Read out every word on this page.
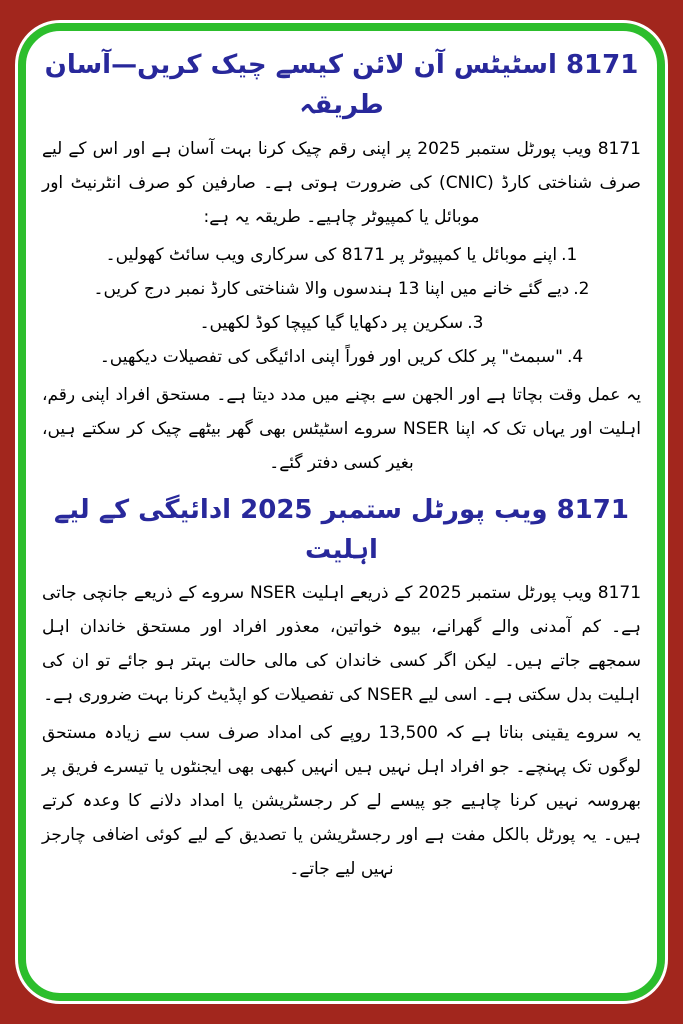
8171 اسٹیٹس آن لائن کیسے چیک کریں—آسان طریقہ
8171 ویب پورٹل ستمبر 2025 پر اپنی رقم چیک کرنا بہت آسان ہے اور اس کے لیے صرف شناختی کارڈ (CNIC) کی ضرورت ہوتی ہے۔ صارفین کو صرف انٹرنیٹ اور موبائل یا کمپیوٹر چاہیے۔ طریقہ یہ ہے:
1.اپنے موبائل یا کمپیوٹر پر 8171 کی سرکاری ویب سائٹ کھولیں۔
2.دیے گئے خانے میں اپنا 13 ہندسوں والا شناختی کارڈ نمبر درج کریں۔
3.سکرین پر دکھایا گیا کیپچا کوڈ لکھیں۔
4."سبمٹ" پر کلک کریں اور فوراً اپنی ادائیگی کی تفصیلات دیکھیں۔
یہ عمل وقت بچاتا ہے اور الجھن سے بچنے میں مدد دیتا ہے۔ مستحق افراد اپنی رقم، اہلیت اور یہاں تک کہ اپنا NSER سروے اسٹیٹس بھی گھر بیٹھے چیک کر سکتے ہیں، بغیر کسی دفتر گئے۔
8171 ویب پورٹل ستمبر 2025 ادائیگی کے لیے اہلیت
8171 ویب پورٹل ستمبر 2025 کے ذریعے اہلیت NSER سروے کے ذریعے جانچی جاتی ہے۔ کم آمدنی والے گھرانے، بیوہ خواتین، معذور افراد اور مستحق خاندان اہل سمجھے جاتے ہیں۔ لیکن اگر کسی خاندان کی مالی حالت بہتر ہو جائے تو ان کی اہلیت بدل سکتی ہے۔ اسی لیے NSER کی تفصیلات کو اپڈیٹ کرنا بہت ضروری ہے۔
یہ سروے یقینی بناتا ہے کہ 13,500 روپے کی امداد صرف سب سے زیادہ مستحق لوگوں تک پہنچے۔ جو افراد اہل نہیں ہیں انہیں کبھی بھی ایجنٹوں یا تیسرے فریق پر بھروسہ نہیں کرنا چاہیے جو پیسے لے کر رجسٹریشن یا امداد دلانے کا وعدہ کرتے ہیں۔ یہ پورٹل بالکل مفت ہے اور رجسٹریشن یا تصدیق کے لیے کوئی اضافی چارجز نہیں لیے جاتے۔
